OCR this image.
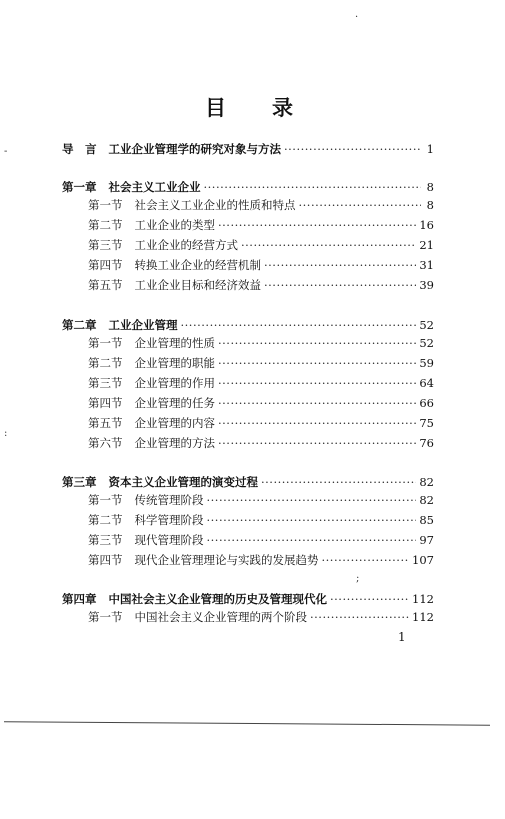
目 录
导　言 工业企业管理学的研究对象与方法 ·····	1
第一章 社会主义工业企业 ·····	8
第一节 社会主义工业企业的性质和特点 ·····	8
第二节 工业企业的类型 ·····	16
第三节 工业企业的经营方式 ·····	21
第四节 转换工业企业的经营机制 ·····	31
第五节 工业企业目标和经济效益 ·····	39
第二章 工业企业管理 ·····	52
第一节 企业管理的性质 ·····	52
第二节 企业管理的职能 ·····	59
第三节 企业管理的作用 ·····	64
第四节 企业管理的任务 ·····	66
第五节 企业管理的内容 ·····	75
第六节 企业管理的方法 ·····	76
第三章 资本主义企业管理的演变过程 ·····	82
第一节 传统管理阶段 ·····	82
第二节 科学管理阶段 ·····	85
第三节 现代管理阶段 ·····	97
第四节 现代企业管理理论与实践的发展趋势 ·····	107
第四章 中国社会主义企业管理的历史及管理现代化 ·····	112
第一节 中国社会主义企业管理的两个阶段 ·····	112
1
-
:
·
;
